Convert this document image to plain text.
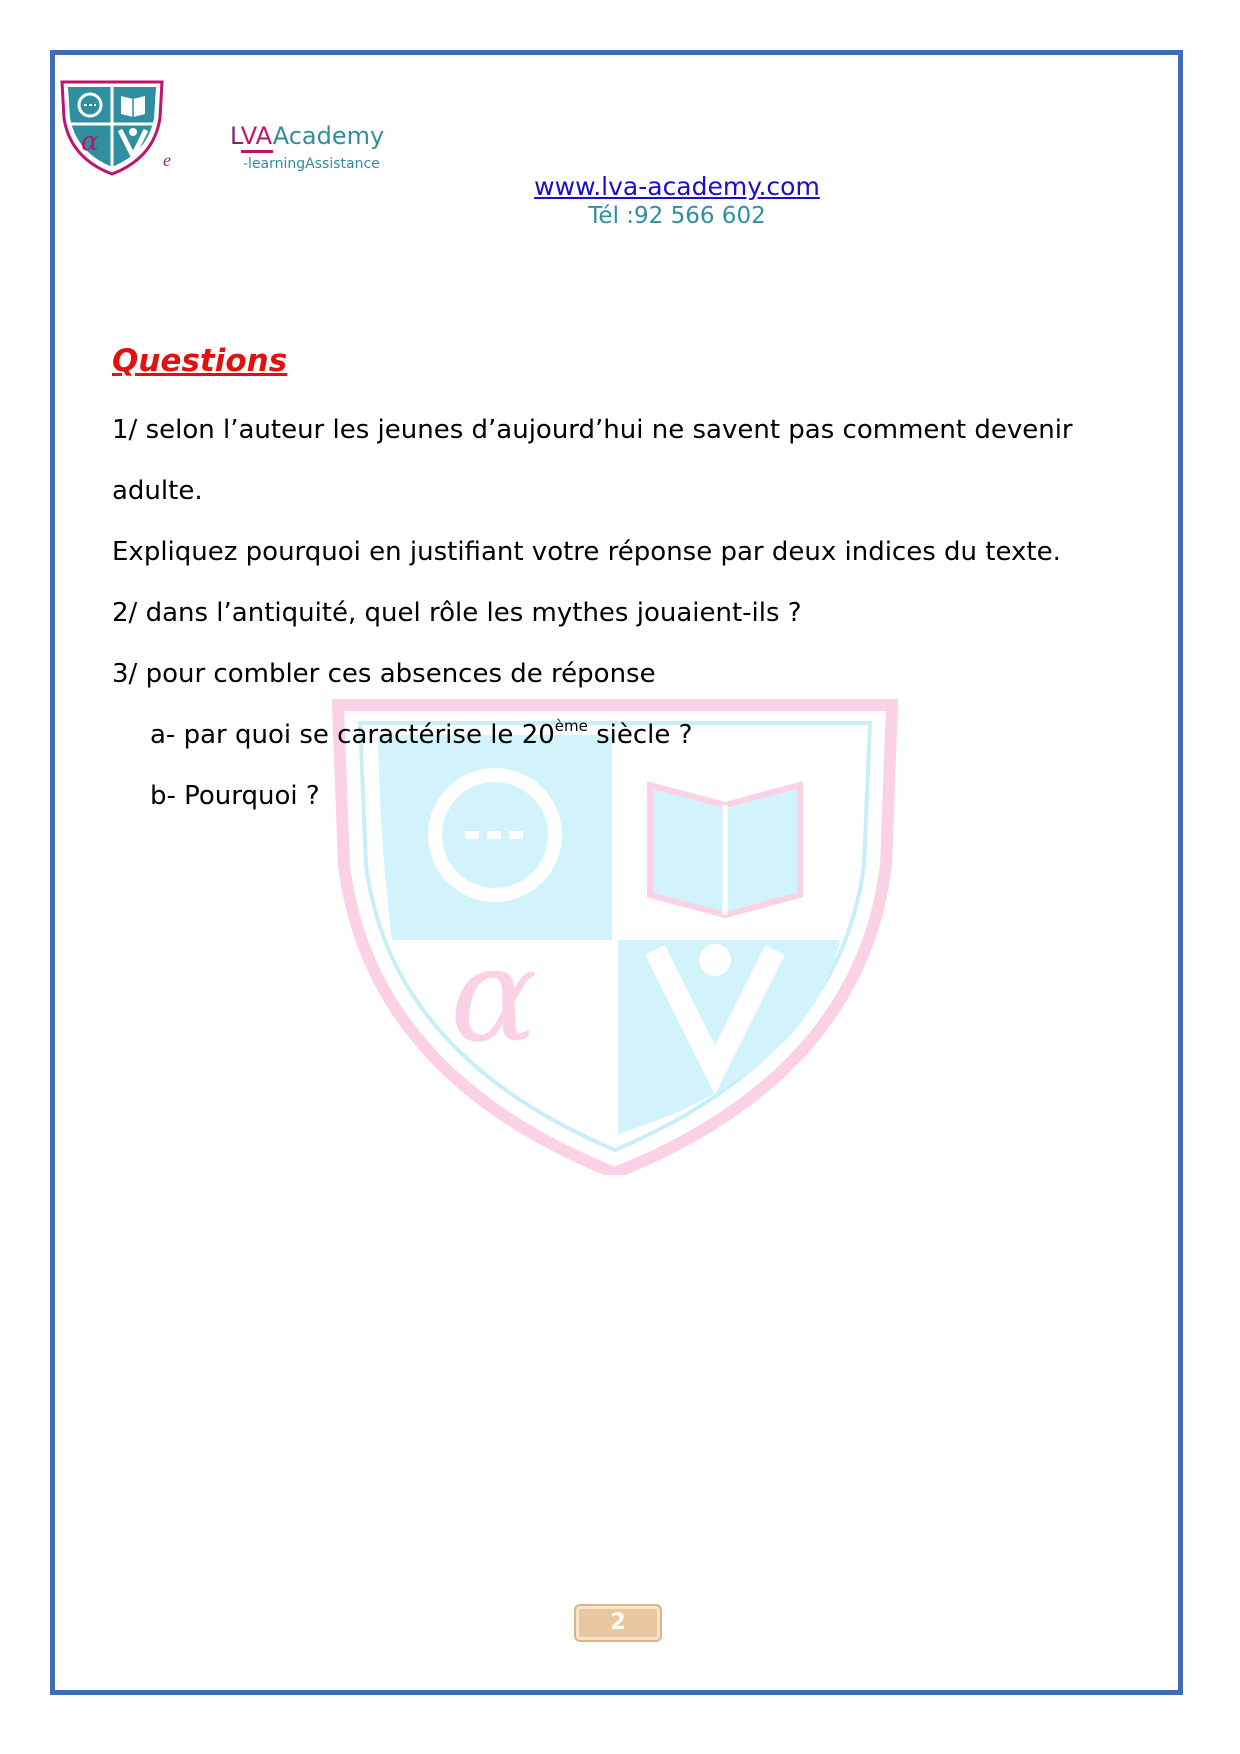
α
e
LVAAcademy
-learningAssistance
www.lva-academy.com
Tél :92 566 602
α
Questions
1/ selon l’auteur les jeunes d’aujourd’hui ne savent pas comment devenir
adulte.
Expliquez pourquoi en justifiant votre réponse par deux indices du texte.
2/ dans l’antiquité, quel rôle les mythes jouaient-ils ?
3/ pour combler ces absences de réponse
a- par quoi se caractérise le 20ème siècle ?
b- Pourquoi ?
2
